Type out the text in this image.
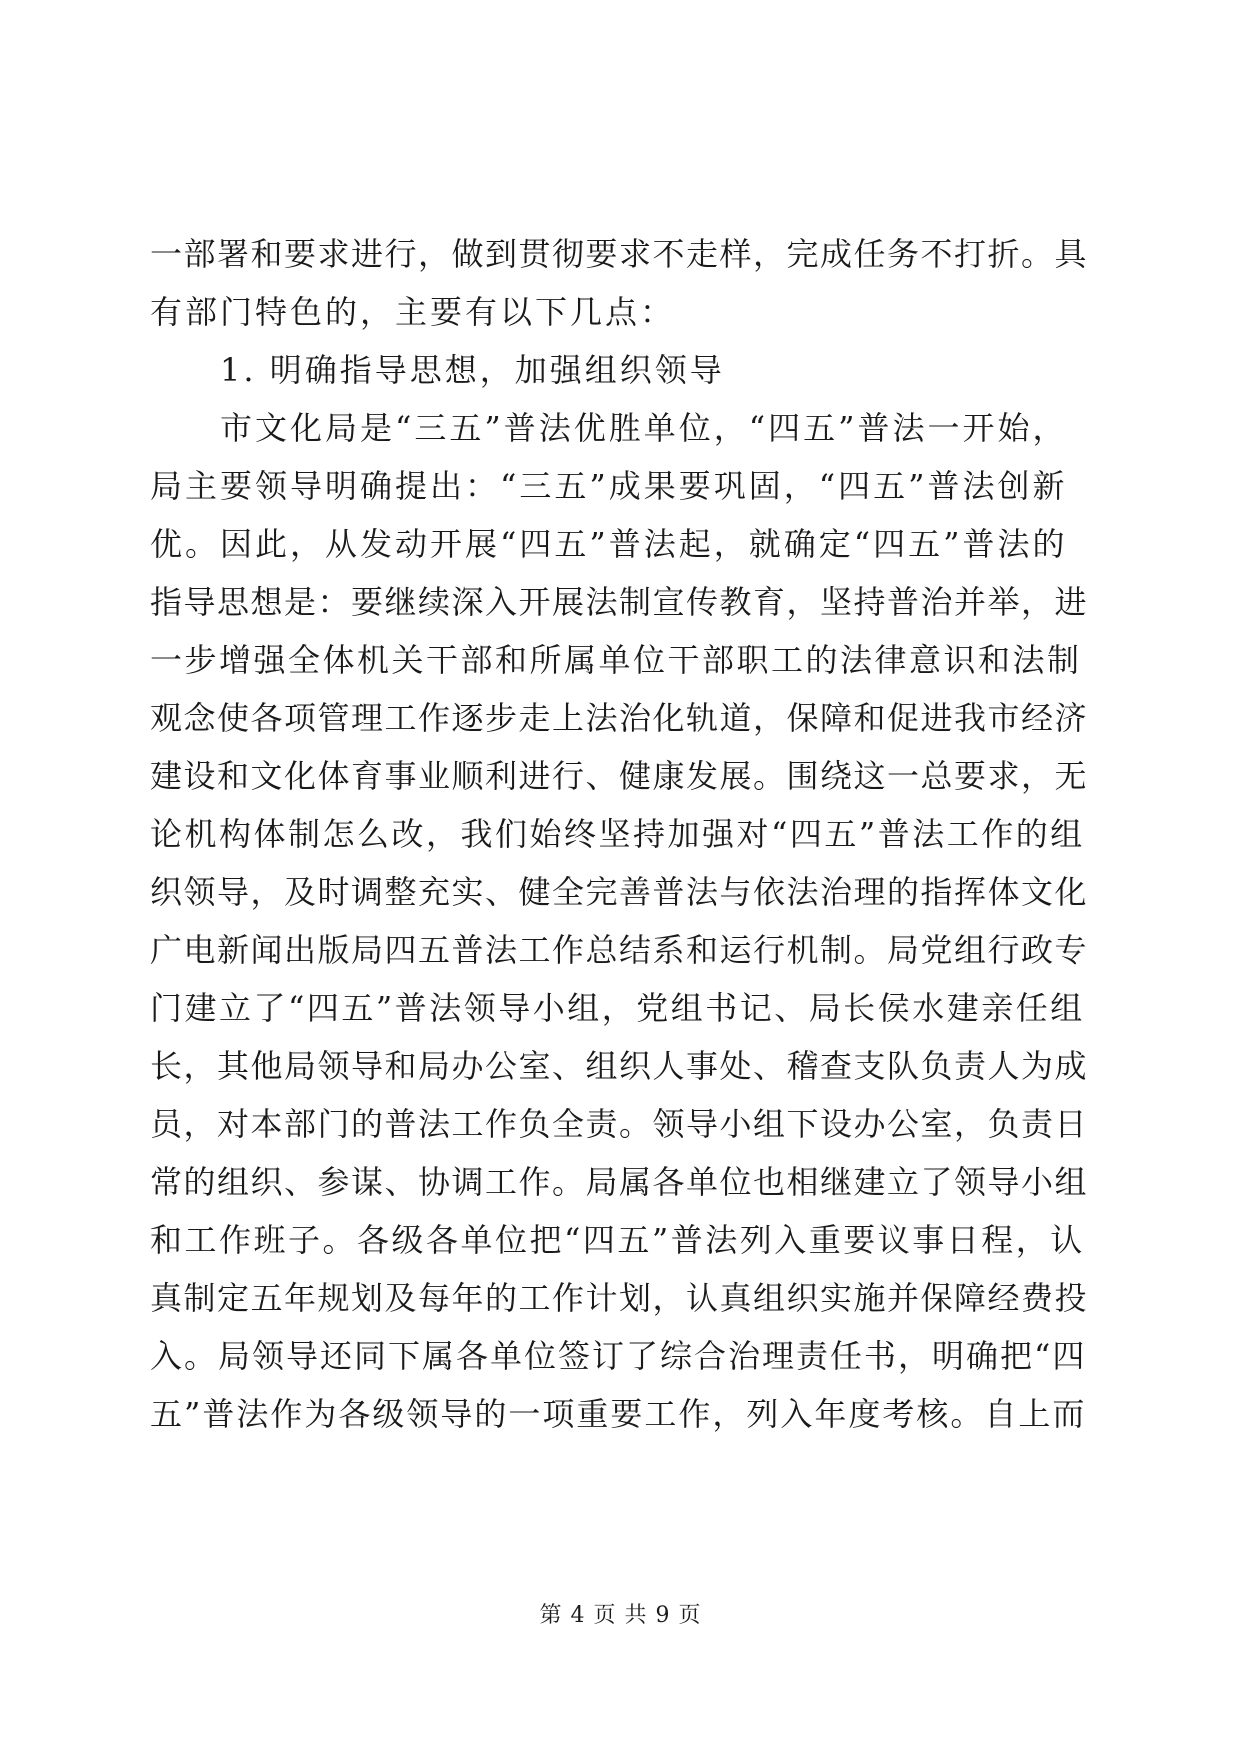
一部署和要求进行，做到贯彻要求不走样，完成任务不打折。具
有部门特色的，主要有以下几点：
1. 明确指导思想，加强组织领导
市文化局是“三五”普法优胜单位，“四五”普法一开始，
局主要领导明确提出：“三五”成果要巩固，“四五”普法创新
优。因此，从发动开展“四五”普法起，就确定“四五”普法的
指导思想是：要继续深入开展法制宣传教育，坚持普治并举，进
一步增强全体机关干部和所属单位干部职工的法律意识和法制
观念使各项管理工作逐步走上法治化轨道，保障和促进我市经济
建设和文化体育事业顺利进行、健康发展。围绕这一总要求，无
论机构体制怎么改，我们始终坚持加强对“四五”普法工作的组
织领导，及时调整充实、健全完善普法与依法治理的指挥体文化
广电新闻出版局四五普法工作总结系和运行机制。局党组行政专
门建立了“四五”普法领导小组，党组书记、局长侯水建亲任组
长，其他局领导和局办公室、组织人事处、稽查支队负责人为成
员，对本部门的普法工作负全责。领导小组下设办公室，负责日
常的组织、参谋、协调工作。局属各单位也相继建立了领导小组
和工作班子。各级各单位把“四五”普法列入重要议事日程，认
真制定五年规划及每年的工作计划，认真组织实施并保障经费投
入。局领导还同下属各单位签订了综合治理责任书，明确把“四
五”普法作为各级领导的一项重要工作，列入年度考核。自上而
第 4 页 共 9 页
